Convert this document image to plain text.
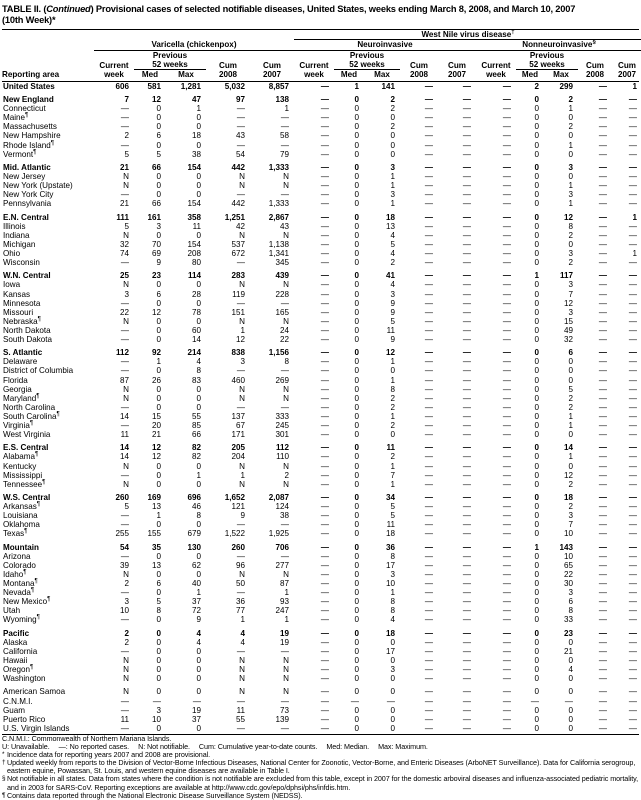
TABLE II. (Continued) Provisional cases of selected notifiable diseases, United States, weeks ending March 8, 2008, and March 10, 2007
(10th Week)*
						West Nile virus disease†

	Varicella (chickenpox)					Neuroinvasive					Nonneuroinvasive§

		Previous					Previous					Previous			
	Current	52 weeks		Cum	Cum	Current	52 weeks		Cum	Cum	Current	52 weeks		Cum	Cum
Reporting area	week	Med	Max	2008	2007	week	Med	Max	2008	2007	week	Med	Max	2008	2007
United States	606	581	1,281	5,032	8,857	—	1	141	—	—	—	2	299	—	1

New England	7	12	47	97	138	—	0	2	—	—	—	0	2	—	—
Connecticut	—	0	1	—	1	—	0	2	—	—	—	0	1	—	—
Maine¶	—	0	0	—	—	—	0	0	—	—	—	0	0	—	—
Massachusetts	—	0	0	—	—	—	0	2	—	—	—	0	2	—	—
New Hampshire	2	6	18	43	58	—	0	0	—	—	—	0	0	—	—
Rhode Island¶	—	0	0	—	—	—	0	0	—	—	—	0	1	—	—
Vermont¶	5	5	38	54	79	—	0	0	—	—	—	0	0	—	—

Mid. Atlantic	21	66	154	442	1,333	—	0	3	—	—	—	0	3	—	—
New Jersey	N	0	0	N	N	—	0	1	—	—	—	0	0	—	—
New York (Upstate)	N	0	0	N	N	—	0	1	—	—	—	0	1	—	—
New York City	—	0	0	—	—	—	0	3	—	—	—	0	3	—	—
Pennsylvania	21	66	154	442	1,333	—	0	1	—	—	—	0	1	—	—

E.N. Central	111	161	358	1,251	2,867	—	0	18	—	—	—	0	12	—	1
Illinois	5	3	11	42	43	—	0	13	—	—	—	0	8	—	—
Indiana	N	0	0	N	N	—	0	4	—	—	—	0	2	—	—
Michigan	32	70	154	537	1,138	—	0	5	—	—	—	0	0	—	—
Ohio	74	69	208	672	1,341	—	0	4	—	—	—	0	3	—	1
Wisconsin	—	9	80	—	345	—	0	2	—	—	—	0	2	—	—

W.N. Central	25	23	114	283	439	—	0	41	—	—	—	1	117	—	—
Iowa	N	0	0	N	N	—	0	4	—	—	—	0	3	—	—
Kansas	3	6	28	119	228	—	0	3	—	—	—	0	7	—	—
Minnesota	—	0	0	—	—	—	0	9	—	—	—	0	12	—	—
Missouri	22	12	78	151	165	—	0	9	—	—	—	0	3	—	—
Nebraska¶	N	0	0	N	N	—	0	5	—	—	—	0	15	—	—
North Dakota	—	0	60	1	24	—	0	11	—	—	—	0	49	—	—
South Dakota	—	0	14	12	22	—	0	9	—	—	—	0	32	—	—

S. Atlantic	112	92	214	838	1,156	—	0	12	—	—	—	0	6	—	—
Delaware	—	1	4	3	8	—	0	1	—	—	—	0	0	—	—
District of Columbia	—	0	8	—	—	—	0	0	—	—	—	0	0	—	—
Florida	87	26	83	460	269	—	0	1	—	—	—	0	0	—	—
Georgia	N	0	0	N	N	—	0	8	—	—	—	0	5	—	—
Maryland¶	N	0	0	N	N	—	0	2	—	—	—	0	2	—	—
North Carolina	—	0	0	—	—	—	0	2	—	—	—	0	2	—	—
South Carolina¶	14	15	55	137	333	—	0	1	—	—	—	0	1	—	—
Virginia¶	—	20	85	67	245	—	0	2	—	—	—	0	1	—	—
West Virginia	11	21	66	171	301	—	0	0	—	—	—	0	0	—	—

E.S. Central	14	12	82	205	112	—	0	11	—	—	—	0	14	—	—
Alabama¶	14	12	82	204	110	—	0	2	—	—	—	0	1	—	—
Kentucky	N	0	0	N	N	—	0	1	—	—	—	0	0	—	—
Mississippi	—	0	1	1	2	—	0	7	—	—	—	0	12	—	—
Tennessee¶	N	0	0	N	N	—	0	1	—	—	—	0	2	—	—

W.S. Central	260	169	696	1,652	2,087	—	0	34	—	—	—	0	18	—	—
Arkansas¶	5	13	46	121	124	—	0	5	—	—	—	0	2	—	—
Louisiana	—	1	8	9	38	—	0	5	—	—	—	0	3	—	—
Oklahoma	—	0	0	—	—	—	0	11	—	—	—	0	7	—	—
Texas¶	255	155	679	1,522	1,925	—	0	18	—	—	—	0	10	—	—

Mountain	54	35	130	260	706	—	0	36	—	—	—	1	143	—	—
Arizona	—	0	0	—	—	—	0	8	—	—	—	0	10	—	—
Colorado	39	13	62	96	277	—	0	17	—	—	—	0	65	—	—
Idaho¶	N	0	0	N	N	—	0	3	—	—	—	0	22	—	—
Montana¶	2	6	40	50	87	—	0	10	—	—	—	0	30	—	—
Nevada¶	—	0	1	—	1	—	0	1	—	—	—	0	3	—	—
New Mexico¶	3	5	37	36	93	—	0	8	—	—	—	0	6	—	—
Utah	10	8	72	77	247	—	0	8	—	—	—	0	8	—	—
Wyoming¶	—	0	9	1	1	—	0	4	—	—	—	0	33	—	—

Pacific	2	0	4	4	19	—	0	18	—	—	—	0	23	—	—
Alaska	2	0	4	4	19	—	0	0	—	—	—	0	0	—	—
California	—	0	0	—	—	—	0	17	—	—	—	0	21	—	—
Hawaii	N	0	0	N	N	—	0	0	—	—	—	0	0	—	—
Oregon¶	N	0	0	N	N	—	0	3	—	—	—	0	4	—	—
Washington	N	0	0	N	N	—	0	0	—	—	—	0	0	—	—

American Samoa	N	0	0	N	N	—	0	0	—	—	—	0	0	—	—
C.N.M.I.	—	—	—	—	—	—	—	—	—	—	—	—	—	—	—
Guam	—	3	19	11	73	—	0	0	—	—	—	0	0	—	—
Puerto Rico	11	10	37	55	139	—	0	0	—	—	—	0	0	—	—
U.S. Virgin Islands	—	0	0	—	—	—	0	0	—	—	—	0	0	—	—
C.N.M.I.: Commonwealth of Northern Mariana Islands.
U: Unavailable. —: No reported cases. N: Not notifiable. Cum: Cumulative year-to-date counts. Med: Median. Max: Maximum.
* Incidence data for reporting years 2007 and 2008 are provisional.
† Updated weekly from reports to the Division of Vector-Borne Infectious Diseases, National Center for Zoonotic, Vector-Borne, and Enteric Diseases (ArboNET Surveillance). Data for California serogroup, eastern equine, Powassan, St. Louis, and western equine diseases are available in Table I.
§ Not notifiable in all states. Data from states where the condition is not notifiable are excluded from this table, except in 2007 for the domestic arboviral diseases and influenza-associated pediatric mortality, and in 2003 for SARS-CoV. Reporting exceptions are available at http://www.cdc.gov/epo/dphsi/phs/infdis.htm.
¶ Contains data reported through the National Electronic Disease Surveillance System (NEDSS).
